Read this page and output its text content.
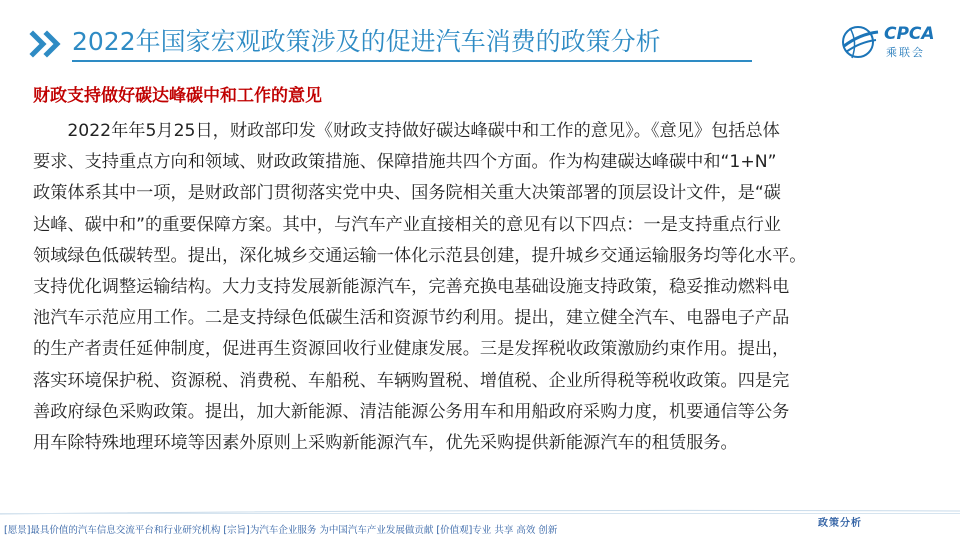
2022年国家宏观政策涉及的促进汽车消费的政策分析	CPCA
乘联会
财政支持做好碳达峰碳中和工作的意见
　　2022年年5月25日，财政部印发《财政支持做好碳达峰碳中和工作的意见》。《意见》包括总体
要求、支持重点方向和领域、财政政策措施、保障措施共四个方面。作为构建碳达峰碳中和“1+N”
政策体系其中一项，是财政部门贯彻落实党中央、国务院相关重大决策部署的顶层设计文件，是“碳
达峰、碳中和”的重要保障方案。其中，与汽车产业直接相关的意见有以下四点：一是支持重点行业
领域绿色低碳转型。提出，深化城乡交通运输一体化示范县创建，提升城乡交通运输服务均等化水平。
支持优化调整运输结构。大力支持发展新能源汽车，完善充换电基础设施支持政策，稳妥推动燃料电
池汽车示范应用工作。二是支持绿色低碳生活和资源节约利用。提出，建立健全汽车、电器电子产品
的生产者责任延伸制度，促进再生资源回收行业健康发展。三是发挥税收政策激励约束作用。提出，
落实环境保护税、资源税、消费税、车船税、车辆购置税、增值税、企业所得税等税收政策。四是完
善政府绿色采购政策。提出，加大新能源、清洁能源公务用车和用船政府采购力度，机要通信等公务
用车除特殊地理环境等因素外原则上采购新能源汽车，优先采购提供新能源汽车的租赁服务。
[愿景]最具价值的汽车信息交流平台和行业研究机构 [宗旨]为汽车企业服务 为中国汽车产业发展做贡献 [价值观]专业 共享 高效 创新
政策分析
